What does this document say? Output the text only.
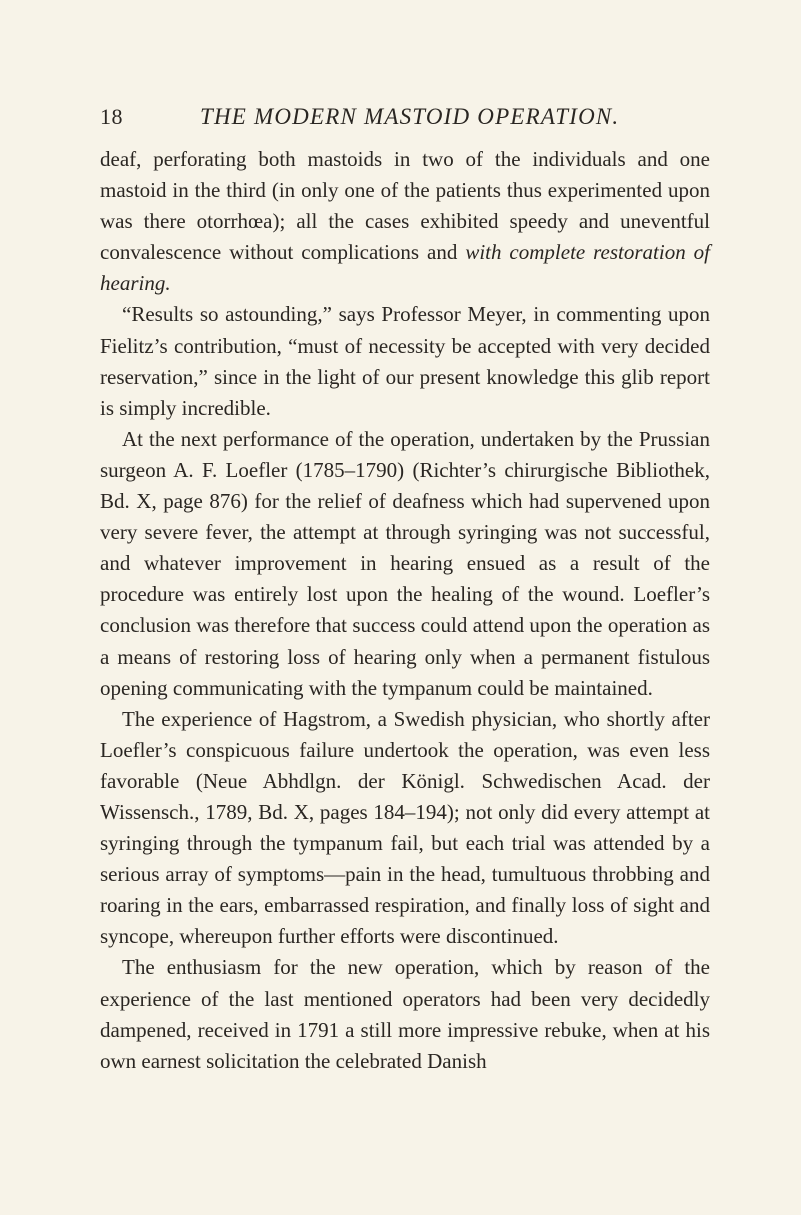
18	THE MODERN MASTOID OPERATION.

deaf, perforating both mastoids in two of the individuals and one mastoid in the third (in only one of the patients thus experimented upon was there otorrhœa); all the cases exhibited speedy and uneventful convalescence without complications and with complete restoration of hearing.

“Results so astounding,” says Professor Meyer, in commenting upon Fielitz’s contribution, “must of necessity be accepted with very decided reservation,” since in the light of our present knowledge this glib report is simply incredible.

At the next performance of the operation, undertaken by the Prussian surgeon A. F. Loefler (1785–1790) (Richter’s chirurgische Bibliothek, Bd. X, page 876) for the relief of deafness which had supervened upon very severe fever, the attempt at through syringing was not successful, and whatever improvement in hearing ensued as a result of the procedure was entirely lost upon the healing of the wound. Loefler’s conclusion was therefore that success could attend upon the operation as a means of restoring loss of hearing only when a permanent fistulous opening communicating with the tympanum could be maintained.

The experience of Hagstrom, a Swedish physician, who shortly after Loefler’s conspicuous failure undertook the operation, was even less favorable (Neue Abhdlgn. der Königl. Schwedischen Acad. der Wissensch., 1789, Bd. X, pages 184–194); not only did every attempt at syringing through the tympanum fail, but each trial was attended by a serious array of symptoms—pain in the head, tumultuous throbbing and roaring in the ears, embarrassed respiration, and finally loss of sight and syncope, whereupon further efforts were discontinued.

The enthusiasm for the new operation, which by reason of the experience of the last mentioned operators had been very decidedly dampened, received in 1791 a still more impressive rebuke, when at his own earnest solicitation the celebrated Danish
